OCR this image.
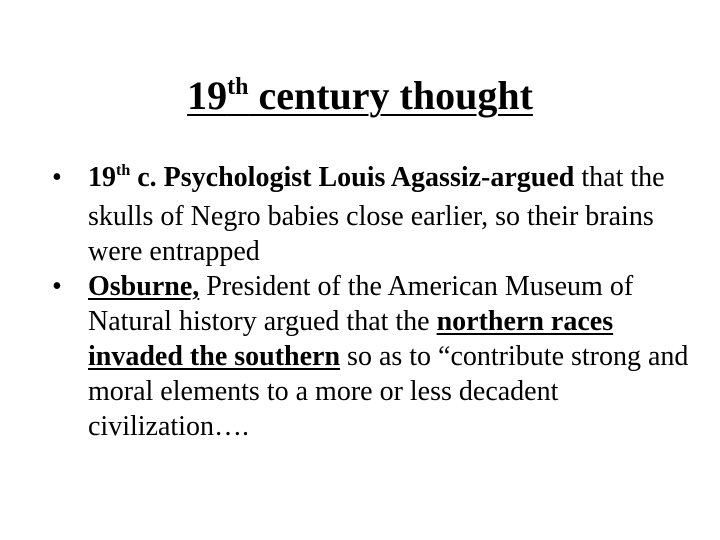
19th century thought
• 19th c. Psychologist Louis Agassiz-argued that the skulls of Negro babies close earlier, so their brains were entrapped
• Osburne, President of the American Museum of Natural history argued that the northern races invaded the southern so as to “contribute strong and moral elements to a more or less decadent civilization….
